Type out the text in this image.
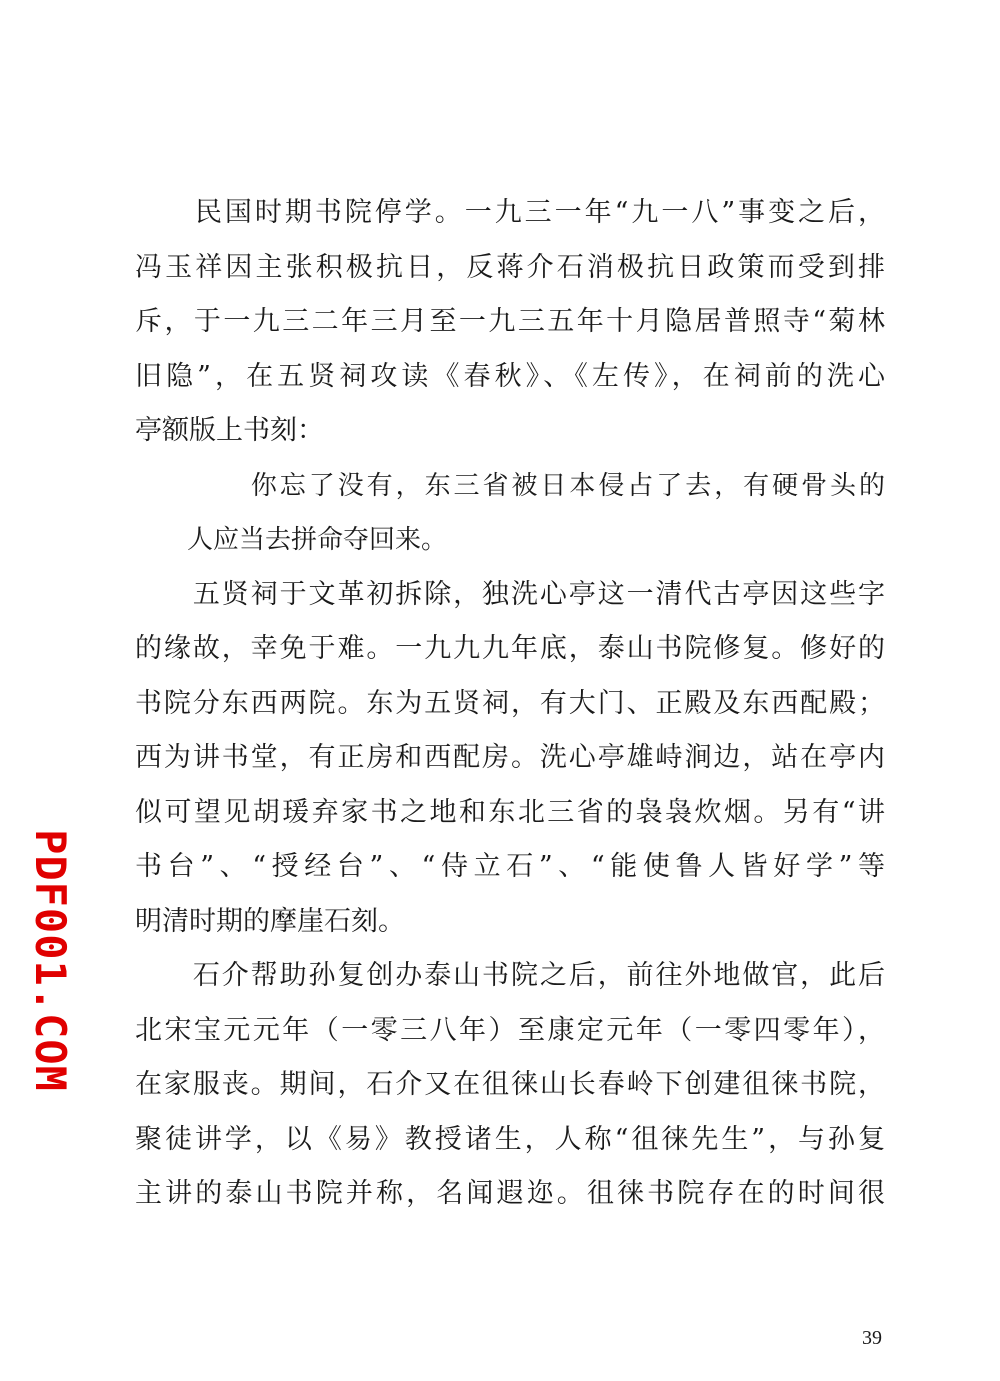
　　民国时期书院停学。一九三一年“九一八”事变之后，
冯玉祥因主张积极抗日，反蒋介石消极抗日政策而受到排
斥，于一九三二年三月至一九三五年十月隐居普照寺“菊林
旧隐”，在五贤祠攻读《春秋》、《左传》，在祠前的洗心
亭额版上书刻：
　　　　你忘了没有，东三省被日本侵占了去，有硬骨头的
　　人应当去拼命夺回来。
　　五贤祠于文革初拆除，独洗心亭这一清代古亭因这些字
的缘故，幸免于难。一九九九年底，泰山书院修复。修好的
书院分东西两院。东为五贤祠，有大门、正殿及东西配殿；
西为讲书堂，有正房和西配房。洗心亭雄峙涧边，站在亭内
似可望见胡瑗弃家书之地和东北三省的袅袅炊烟。另有“讲
书台”、“授经台”、“侍立石”、“能使鲁人皆好学”等
明清时期的摩崖石刻。
　　石介帮助孙复创办泰山书院之后，前往外地做官，此后
北宋宝元元年（一零三八年）至康定元年（一零四零年），
在家服丧。期间，石介又在徂徕山长春岭下创建徂徕书院，
聚徒讲学，以《易》教授诸生，人称“徂徕先生”，与孙复
主讲的泰山书院并称，名闻遐迩。徂徕书院存在的时间很
PDF001.COM
39
